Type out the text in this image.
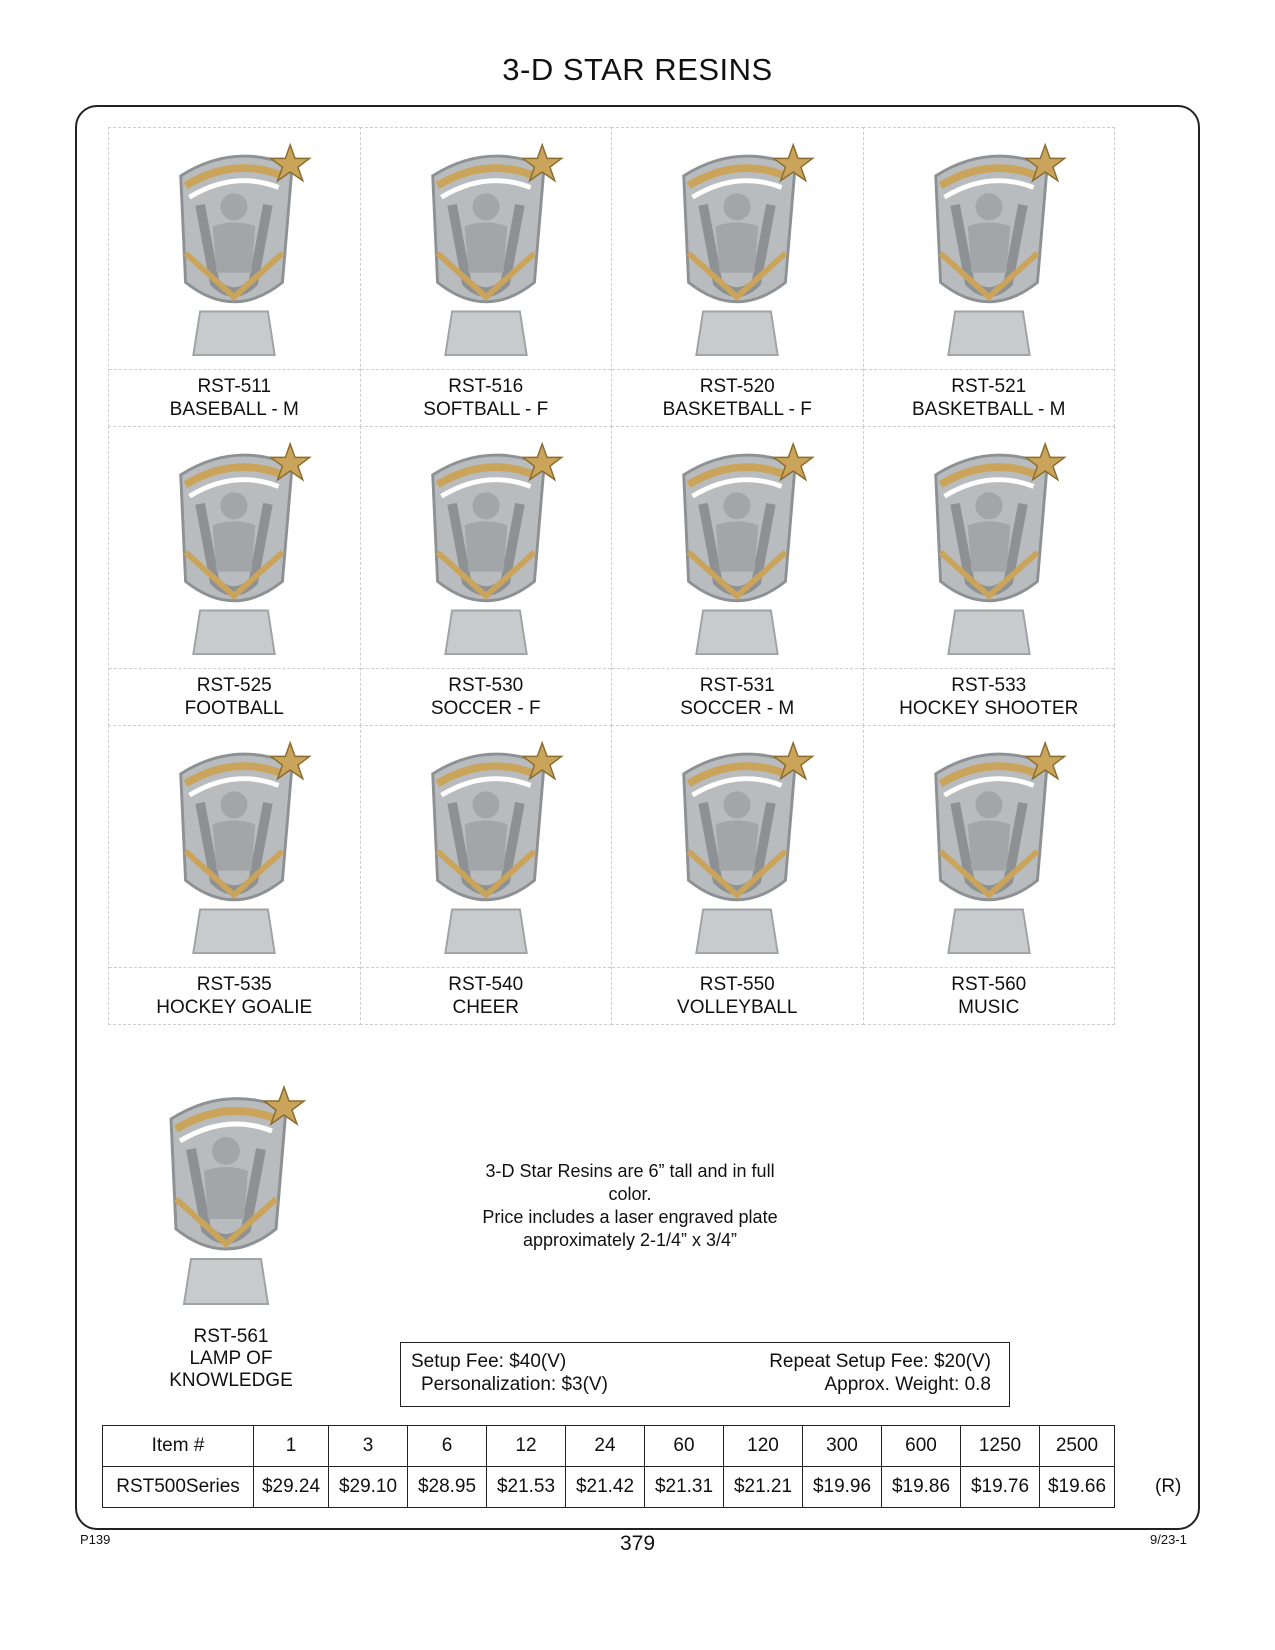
3-D STAR RESINS
RST-511
BASEBALL - M
RST-516
SOFTBALL - F
RST-520
BASKETBALL - F
RST-521
BASKETBALL - M
RST-525
FOOTBALL
RST-530
SOCCER - F
RST-531
SOCCER - M
RST-533
HOCKEY SHOOTER
RST-535
HOCKEY GOALIE
RST-540
CHEER
RST-550
VOLLEYBALL
RST-560
MUSIC
RST-561
LAMP OF
KNOWLEDGE
3-D Star Resins are 6” tall and in full color.
Price includes a laser engraved plate
approximately 2-1/4” x 3/4”
Setup Fee: $40(V)
Personalization: $3(V)
Repeat Setup Fee: $20(V)
Approx. Weight: 0.8
Item #	1	3	6	12	24	60	120	300	600	1250	2500
RST500Series	$29.24	$29.10	$28.95	$21.53	$21.42	$21.31	$21.21	$19.96	$19.86	$19.76	$19.66	(R)
P139	379	9/23-1
